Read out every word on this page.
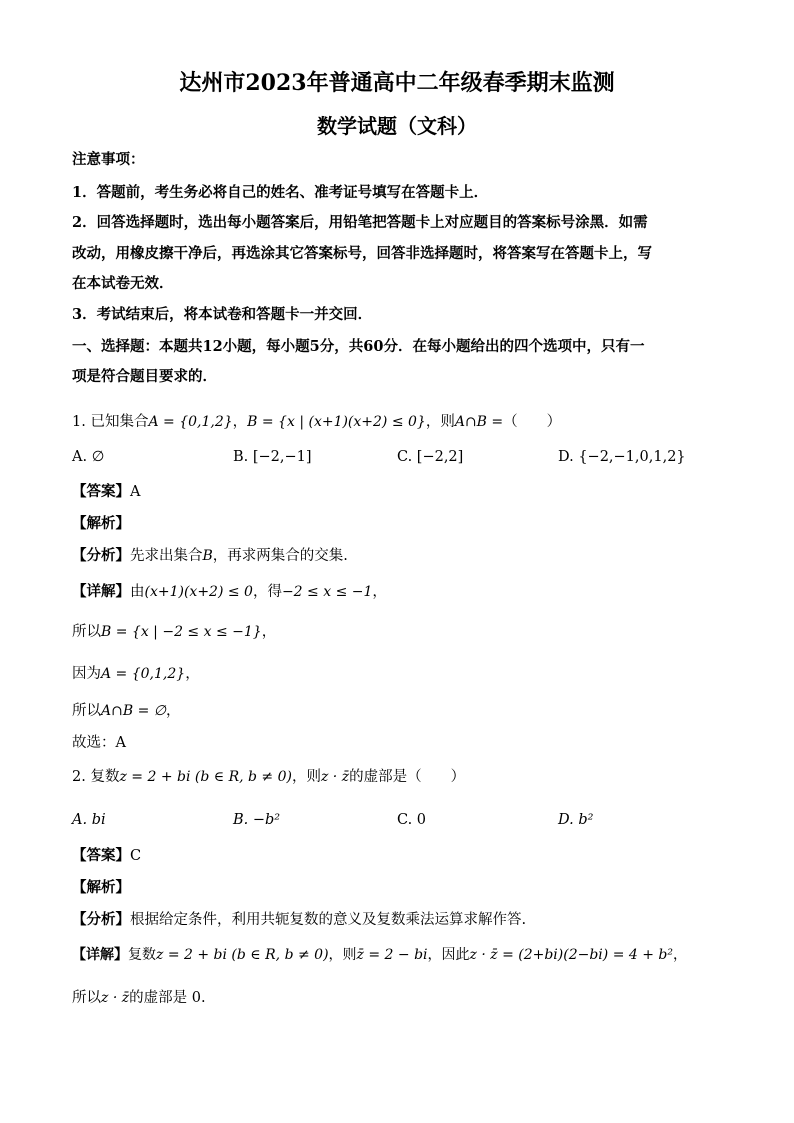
达州市2023年普通高中二年级春季期末监测
数学试题（文科）
注意事项：
1．答题前，考生务必将自己的姓名、准考证号填写在答题卡上．
2．回答选择题时，选出每小题答案后，用铅笔把答题卡上对应题目的答案标号涂黑．如需
改动，用橡皮擦干净后，再选涂其它答案标号，回答非选择题时，将答案写在答题卡上，写
在本试卷无效．
3．考试结束后，将本试卷和答题卡一并交回．
一、选择题：本题共12小题，每小题5分，共60分．在每小题给出的四个选项中，只有一
项是符合题目要求的．
1. 已知集合A = {0,1,2}，B = {x | (x+1)(x+2) ≤ 0}，则A∩B =（　　）
A. ∅	B. [−2,−1]	C. [−2,2]	D. {−2,−1,0,1,2}
【答案】A
【解析】
【分析】先求出集合B，再求两集合的交集.
【详解】由(x+1)(x+2) ≤ 0，得−2 ≤ x ≤ −1，
所以B = {x | −2 ≤ x ≤ −1}，
因为A = {0,1,2}，
所以A∩B = ∅，
故选：A
2. 复数z = 2 + bi (b ∈ R, b ≠ 0)，则z · z̄的虚部是（　　）
A. bi	B. −b²	C. 0	D. b²
【答案】C
【解析】
【分析】根据给定条件，利用共轭复数的意义及复数乘法运算求解作答.
【详解】复数z = 2 + bi (b ∈ R, b ≠ 0)，则z̄ = 2 − bi，因此z · z̄ = (2+bi)(2−bi) = 4 + b²，
所以z · z̄的虚部是 0.
